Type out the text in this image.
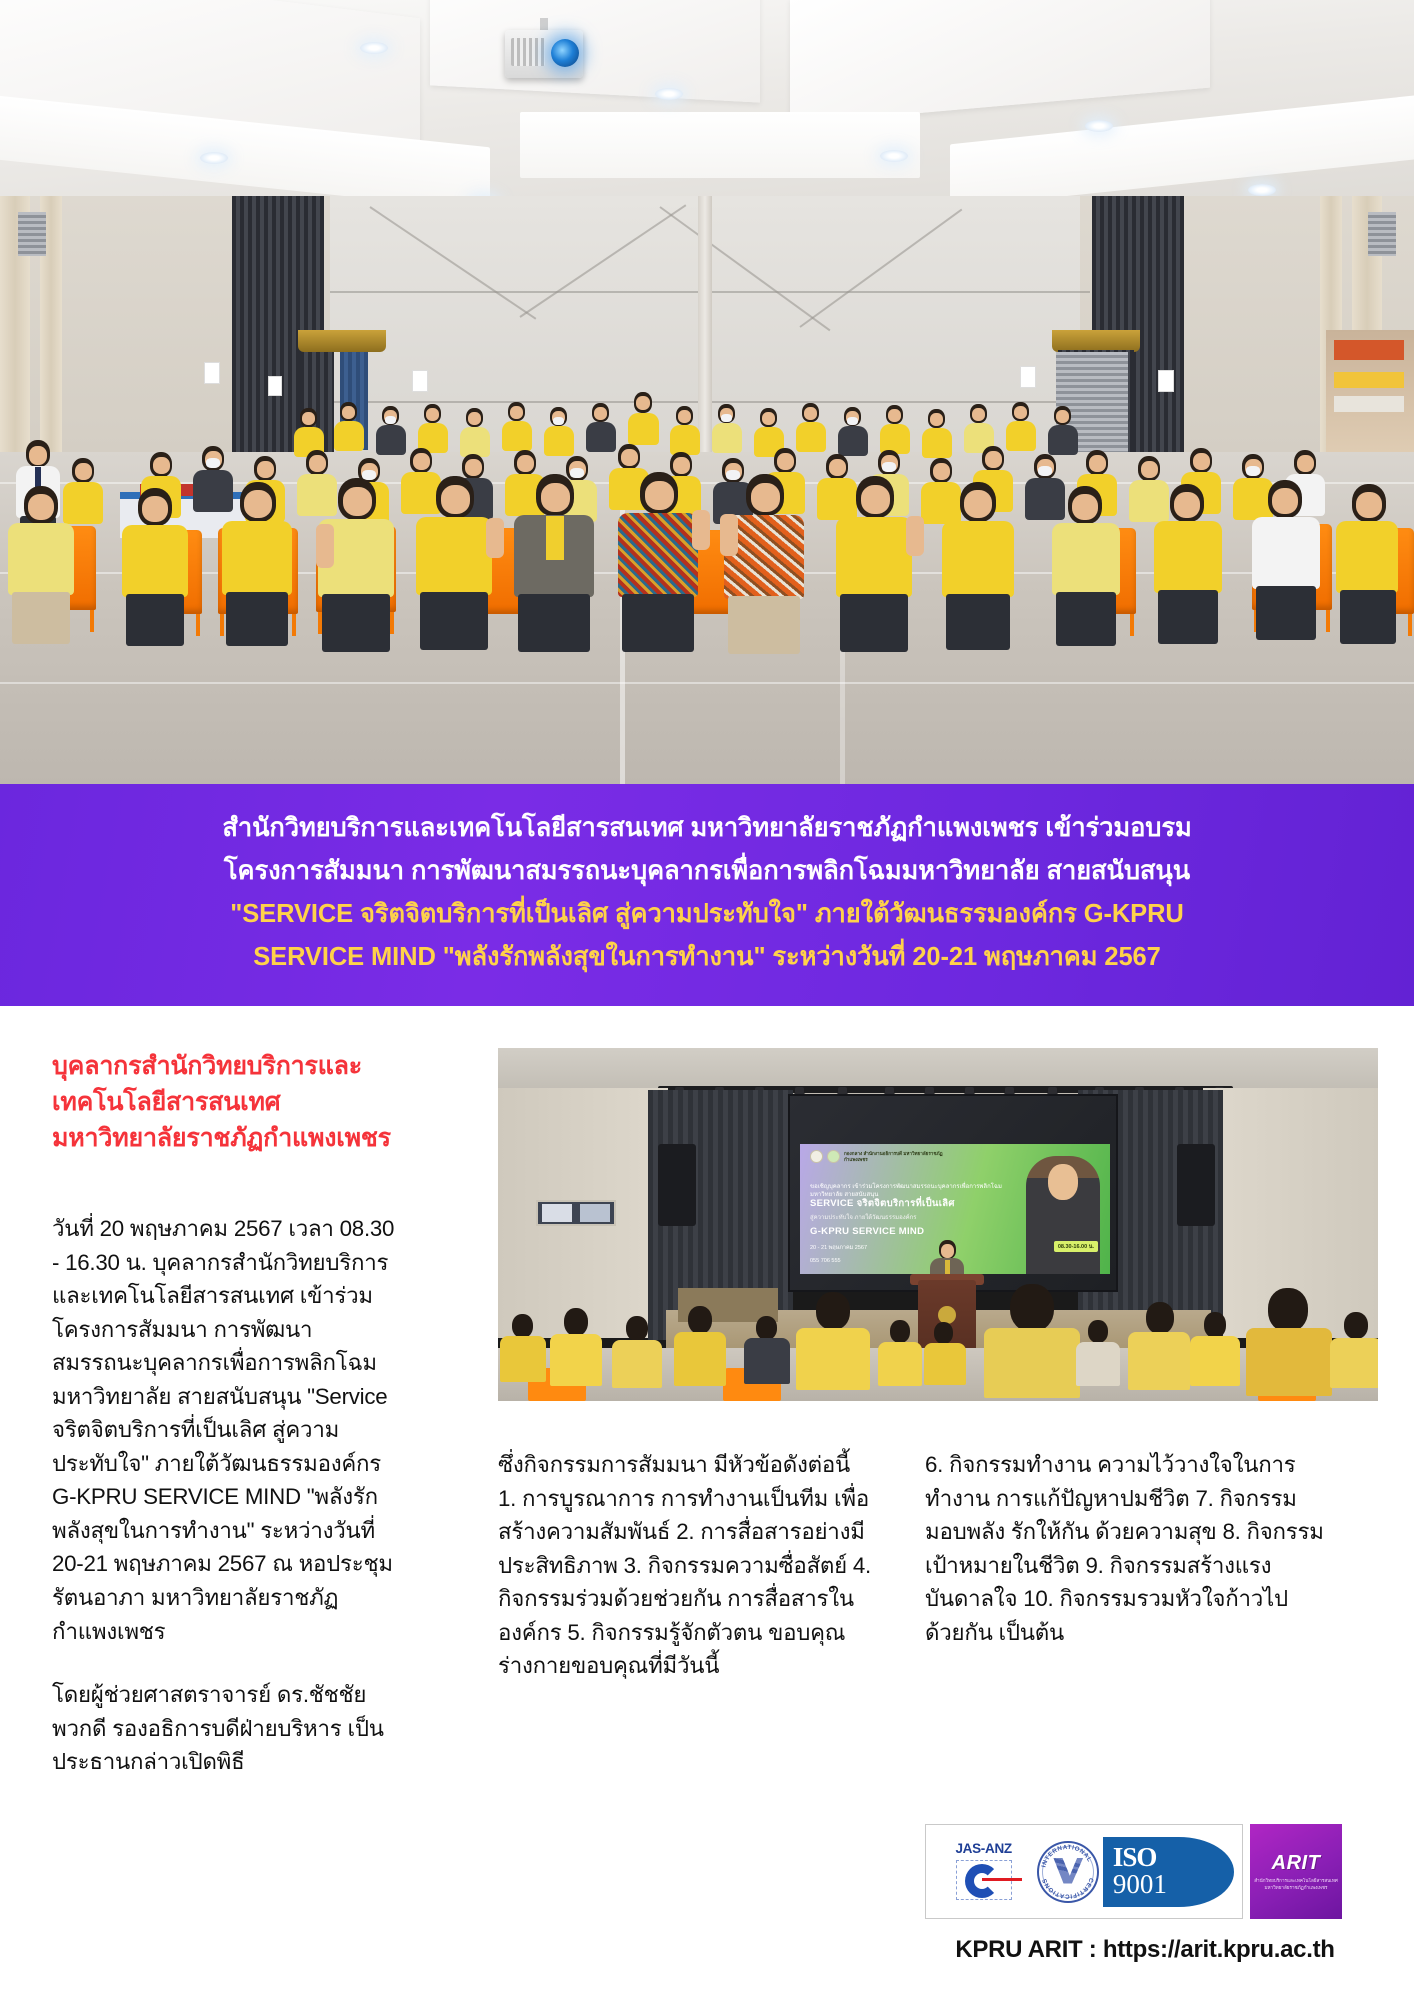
สำนักวิทยบริการและเทคโนโลยีสารสนเทศ มหาวิทยาลัยราชภัฏกำแพงเพชร เข้าร่วมอบรม
โครงการสัมมนา การพัฒนาสมรรถนะบุคลากรเพื่อการพลิกโฉมมหาวิทยาลัย สายสนับสนุน
"SERVICE จริตจิตบริการที่เป็นเลิศ สู่ความประทับใจ" ภายใต้วัฒนธรรมองค์กร G-KPRU
SERVICE MIND "พลังรักพลังสุขในการทำงาน" ระหว่างวันที่ 20-21 พฤษภาคม 2567
บุคลากรสำนักวิทยบริการและเทคโนโลยีสารสนเทศ มหาวิทยาลัยราชภัฏกำแพงเพชร

วันที่ 20 พฤษภาคม 2567 เวลา 08.30 - 16.30 น. บุคลากรสำนักวิทยบริการและเทคโนโลยีสารสนเทศ เข้าร่วมโครงการสัมมนา การพัฒนาสมรรถนะบุคลากรเพื่อการพลิกโฉมมหาวิทยาลัย สายสนับสนุน "Service จริตจิตบริการที่เป็นเลิศ สู่ความประทับใจ" ภายใต้วัฒนธรรมองค์กร G-KPRU SERVICE MIND "พลังรักพลังสุขในการทำงาน" ระหว่างวันที่ 20-21 พฤษภาคม 2567 ณ หอประชุมรัตนอาภา มหาวิทยาลัยราชภัฏกำแพงเพชร

โดยผู้ช่วยศาสตราจารย์ ดร.ชัชชัย พวกดี รองอธิการบดีฝ่ายบริหาร เป็นประธานกล่าวเปิดพิธี

กองกลาง สำนักงานอธิการบดี มหาวิทยาลัยราชภัฏกำแพงเพชร
ขอเชิญบุคลากร เข้าร่วมโครงการพัฒนาสมรรถนะบุคลากรเพื่อการพลิกโฉมมหาวิทยาลัย สายสนับสนุน
SERVICE จริตจิตบริการที่เป็นเลิศ
สู่ความประทับใจ ภายใต้วัฒนธรรมองค์กร
G-KPRU SERVICE MIND
20 - 21 พฤษภาคม 2567
055 706 555
08.30-16.00 น.

ซึ่งกิจกรรมการสัมมนา มีหัวข้อดังต่อนี้ 1. การบูรณาการ การทำงานเป็นทีม เพื่อสร้างความสัมพันธ์ 2. การสื่อสารอย่างมีประสิทธิภาพ 3. กิจกรรมความซื่อสัตย์ 4. กิจกรรมร่วมด้วยช่วยกัน การสื่อสารในองค์กร 5. กิจกรรมรู้จักตัวตน ขอบคุณร่างกายขอบคุณที่มีวันนี้

6. กิจกรรมทำงาน ความไว้วางใจในการทำงาน การแก้ปัญหาปมชีวิต 7. กิจกรรมมอบพลัง รักให้กัน ด้วยความสุข 8. กิจกรรมเป้าหมายในชีวิต 9. กิจกรรมสร้างแรงบันดาลใจ 10. กิจกรรมรวมหัวใจก้าวไปด้วยกัน เป็นต้น

JAS-ANZ
INTERNATIONAL
CERTIFICATIONS
ISO
9001
ARIT
สำนักวิทยบริการและเทคโนโลยีสารสนเทศ มหาวิทยาลัยราชภัฏกำแพงเพชร
KPRU ARIT : https://arit.kpru.ac.th
